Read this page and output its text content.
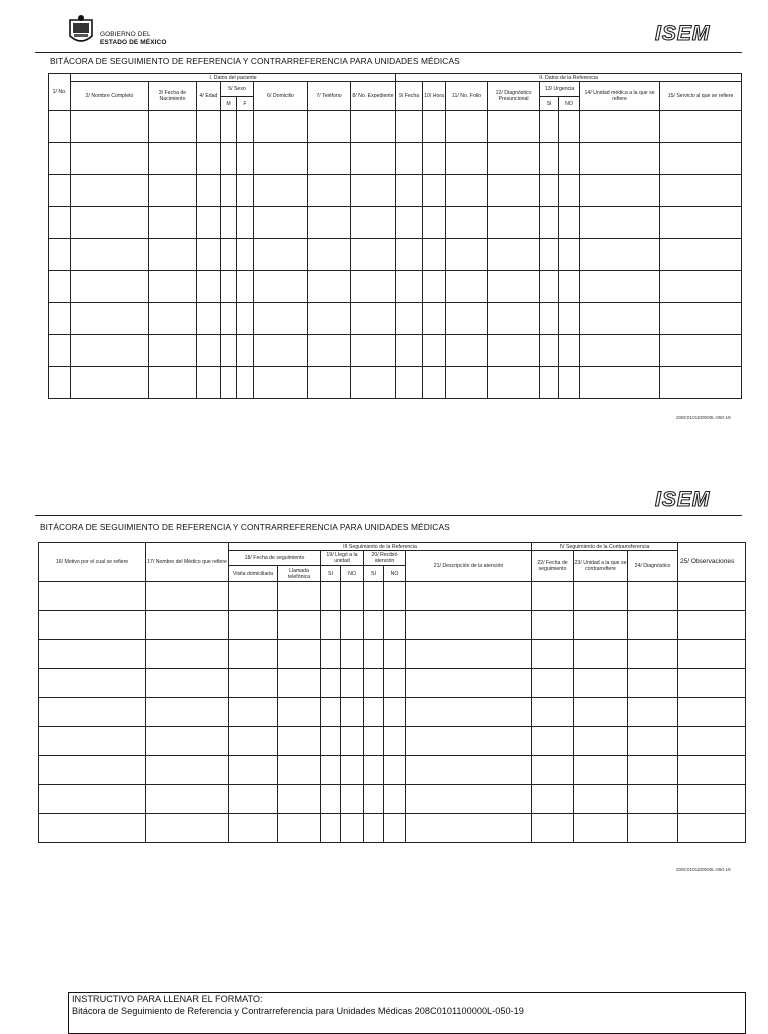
GOBIERNO DEL
ESTADO DE MÉXICO	ISEM
BITÁCORA DE SEGUIMIENTO DE REFERENCIA Y CONTRARREFERENCIA PARA UNIDADES MÉDICAS
1/ No.	I. Datos del paciente								II. Datos de la Referencia							
	2/ Nombre Completo	3/ Fecha de Nacimiento	4/ Edad	5/ Sexo		6/ Domicilio	7/ Teléfono	8/ No. Expediente	9/ Fecha	10/ Hora	11/ No. Folio	12/ Diagnóstico Presuncional	13/ Urgencia		14/ Unidad médica a la que se refiere	15/ Servicio al que se refiere
				M	F								SI	NO		

208C0101100000L-050-19
ISEM
BITÁCORA DE SEGUIMIENTO DE REFERENCIA Y CONTRARREFERENCIA PARA UNIDADES MÉDICAS
16/ Motivo por el cual se refiere	17/ Nombre del Médico que refiere	III Seguimiento de la Referencia							IV Seguimiento de la Contrarreferencia			25/ Observaciones
		18/ Fecha de seguimiento		19/ Llegó a la unidad		20/ Recibió atención		21/ Descripción de la atención	22/ Fecha de seguimiento	23/ Unidad a la que se contrarrefiere	24/ Diagnóstico	
		Visita domiciliaria	Llamada telefónica	SI	NO	SI	NO					

208C0101100000L-050-19
INSTRUCTIVO PARA LLENAR EL FORMATO:
Bitácora de Seguimiento de Referencia y Contrarreferencia para Unidades Médicas 208C0101100000L-050-19
